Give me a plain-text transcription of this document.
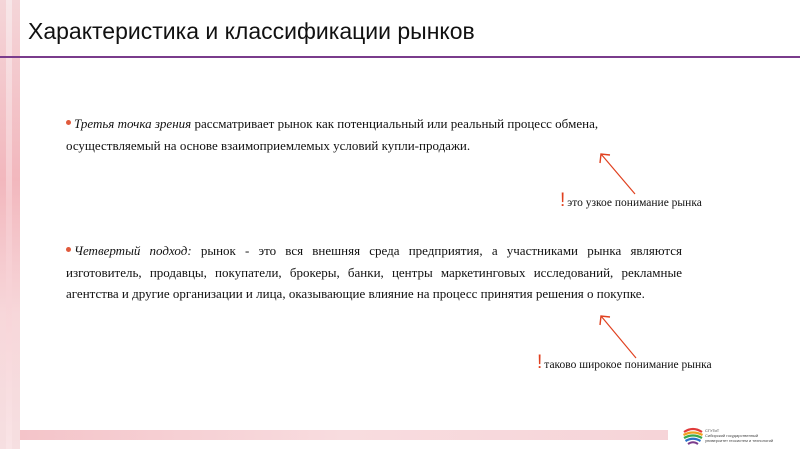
Характеристика и классификации рынков
Третья точка зрения рассматривает рынок как потенциальный или реальный процесс обмена, осуществляемый на основе взаимоприемлемых условий купли-продажи.
! это узкое понимание рынка
Четвертый подход: рынок - это вся внешняя среда предприятия, а участниками рынка являются изготовитель, продавцы, покупатели, брокеры, банки, центры маркетинговых исследований, рекламные агентства и другие организации и лица, оказывающие влияние на процесс принятия решения о покупке.
! таково широкое понимание рынка
СГУГиТ
Сибирский государственный
университет геосистем и технологий
